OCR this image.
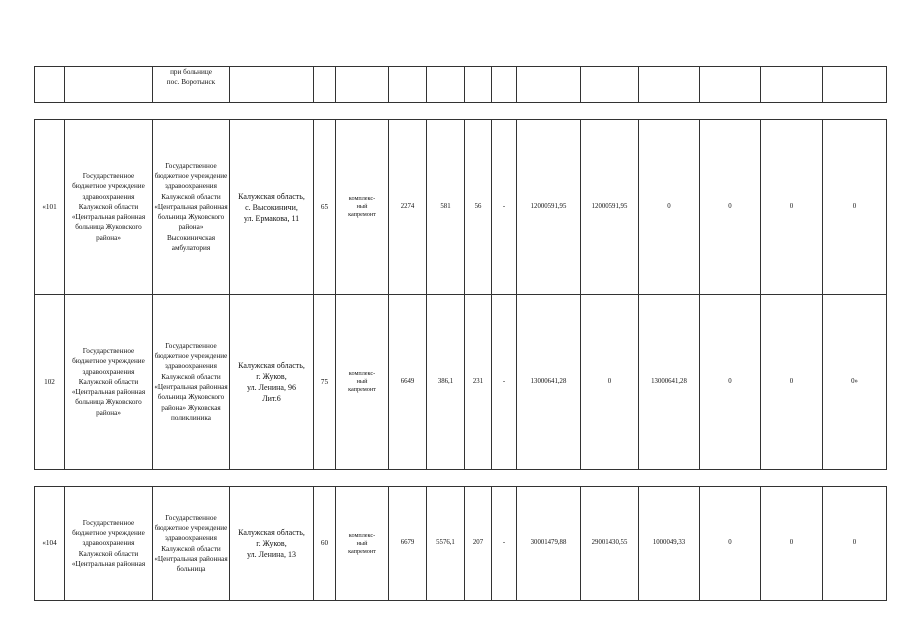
		при больнице
пос. Воротынск													
«101	Государственное бюджетное учреждение здравоохранения Калужской области «Центральная районная больница Жуковского района»	Государственное бюджетное учреждение здравоохранения Калужской области «Центральная районная больница Жуковского района» Высокиничская амбулатория	Калужская область,
с. Высокиничи,
ул. Ермакова, 11	65	комплекс-
ный
капремонт	2274	581	56	-	12000591,95	12000591,95	0	0	0	0
102	Государственное бюджетное учреждение здравоохранения Калужской области «Центральная районная больница Жуковского района»	Государственное бюджетное учреждение здравоохранения Калужской области «Центральная районная больница Жуковского района» Жуковская поликлиника	Калужская область,
г. Жуков,
ул. Ленина, 96
Лит.6	75	комплекс-
ный
капремонт	6649	386,1	231	-	13000641,28	0	13000641,28	0	0	0»
«104	Государственное бюджетное учреждение здравоохранения Калужской области «Центральная районная	Государственное бюджетное учреждение здравоохранения Калужской области «Центральная районная больница	Калужская область,
г. Жуков,
ул. Ленина, 13	60	комплекс-
ный
капремонт	6679	5576,1	207	-	30001479,88	29001430,55	1000049,33	0	0	0
